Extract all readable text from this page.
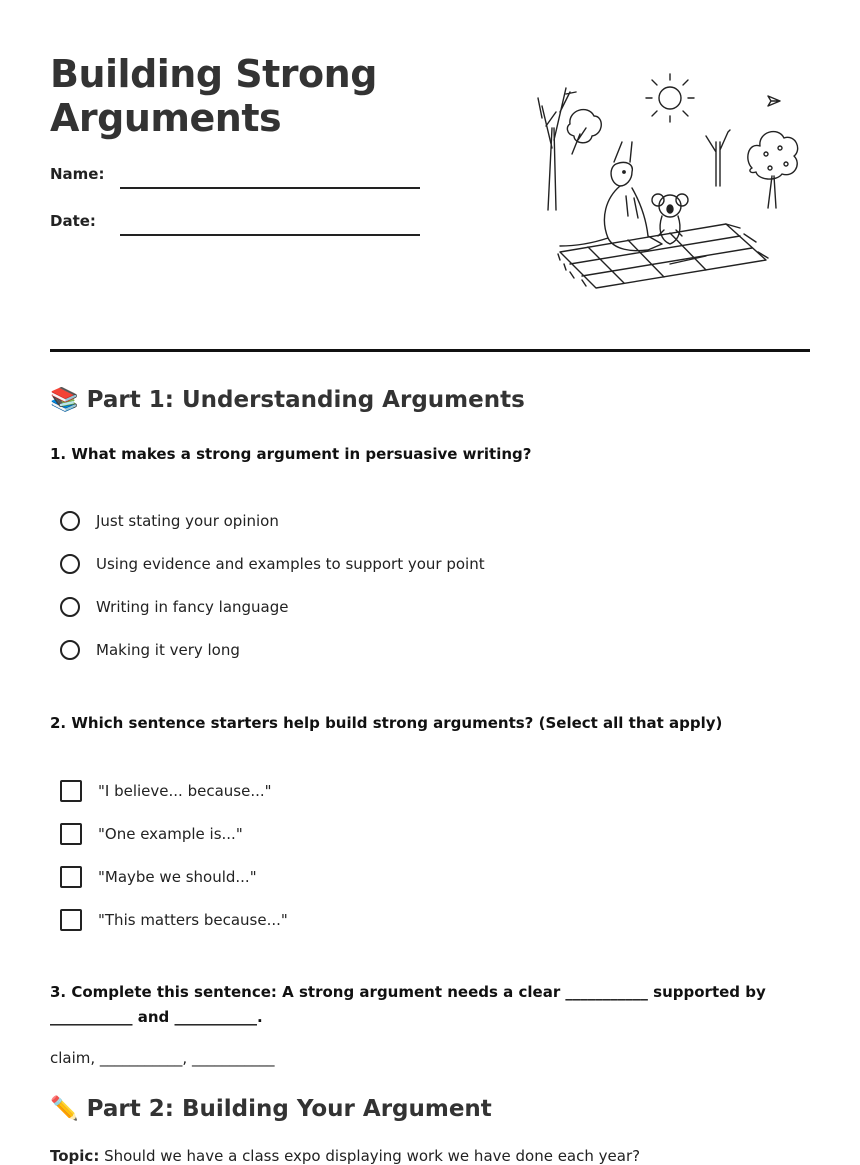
Building Strong
Arguments
Name:
Date:
📚 Part 1: Understanding Arguments
1. What makes a strong argument in persuasive writing?
Just stating your opinion
Using evidence and examples to support your point
Writing in fancy language
Making it very long
2. Which sentence starters help build strong arguments? (Select all that apply)
"I believe... because..."
"One example is..."
"Maybe we should..."
"This matters because..."
3. Complete this sentence: A strong argument needs a clear ___________ supported by ___________ and ___________.
claim, ___________, ___________
✏️ Part 2: Building Your Argument
Topic: Should we have a class expo displaying work we have done each year?
